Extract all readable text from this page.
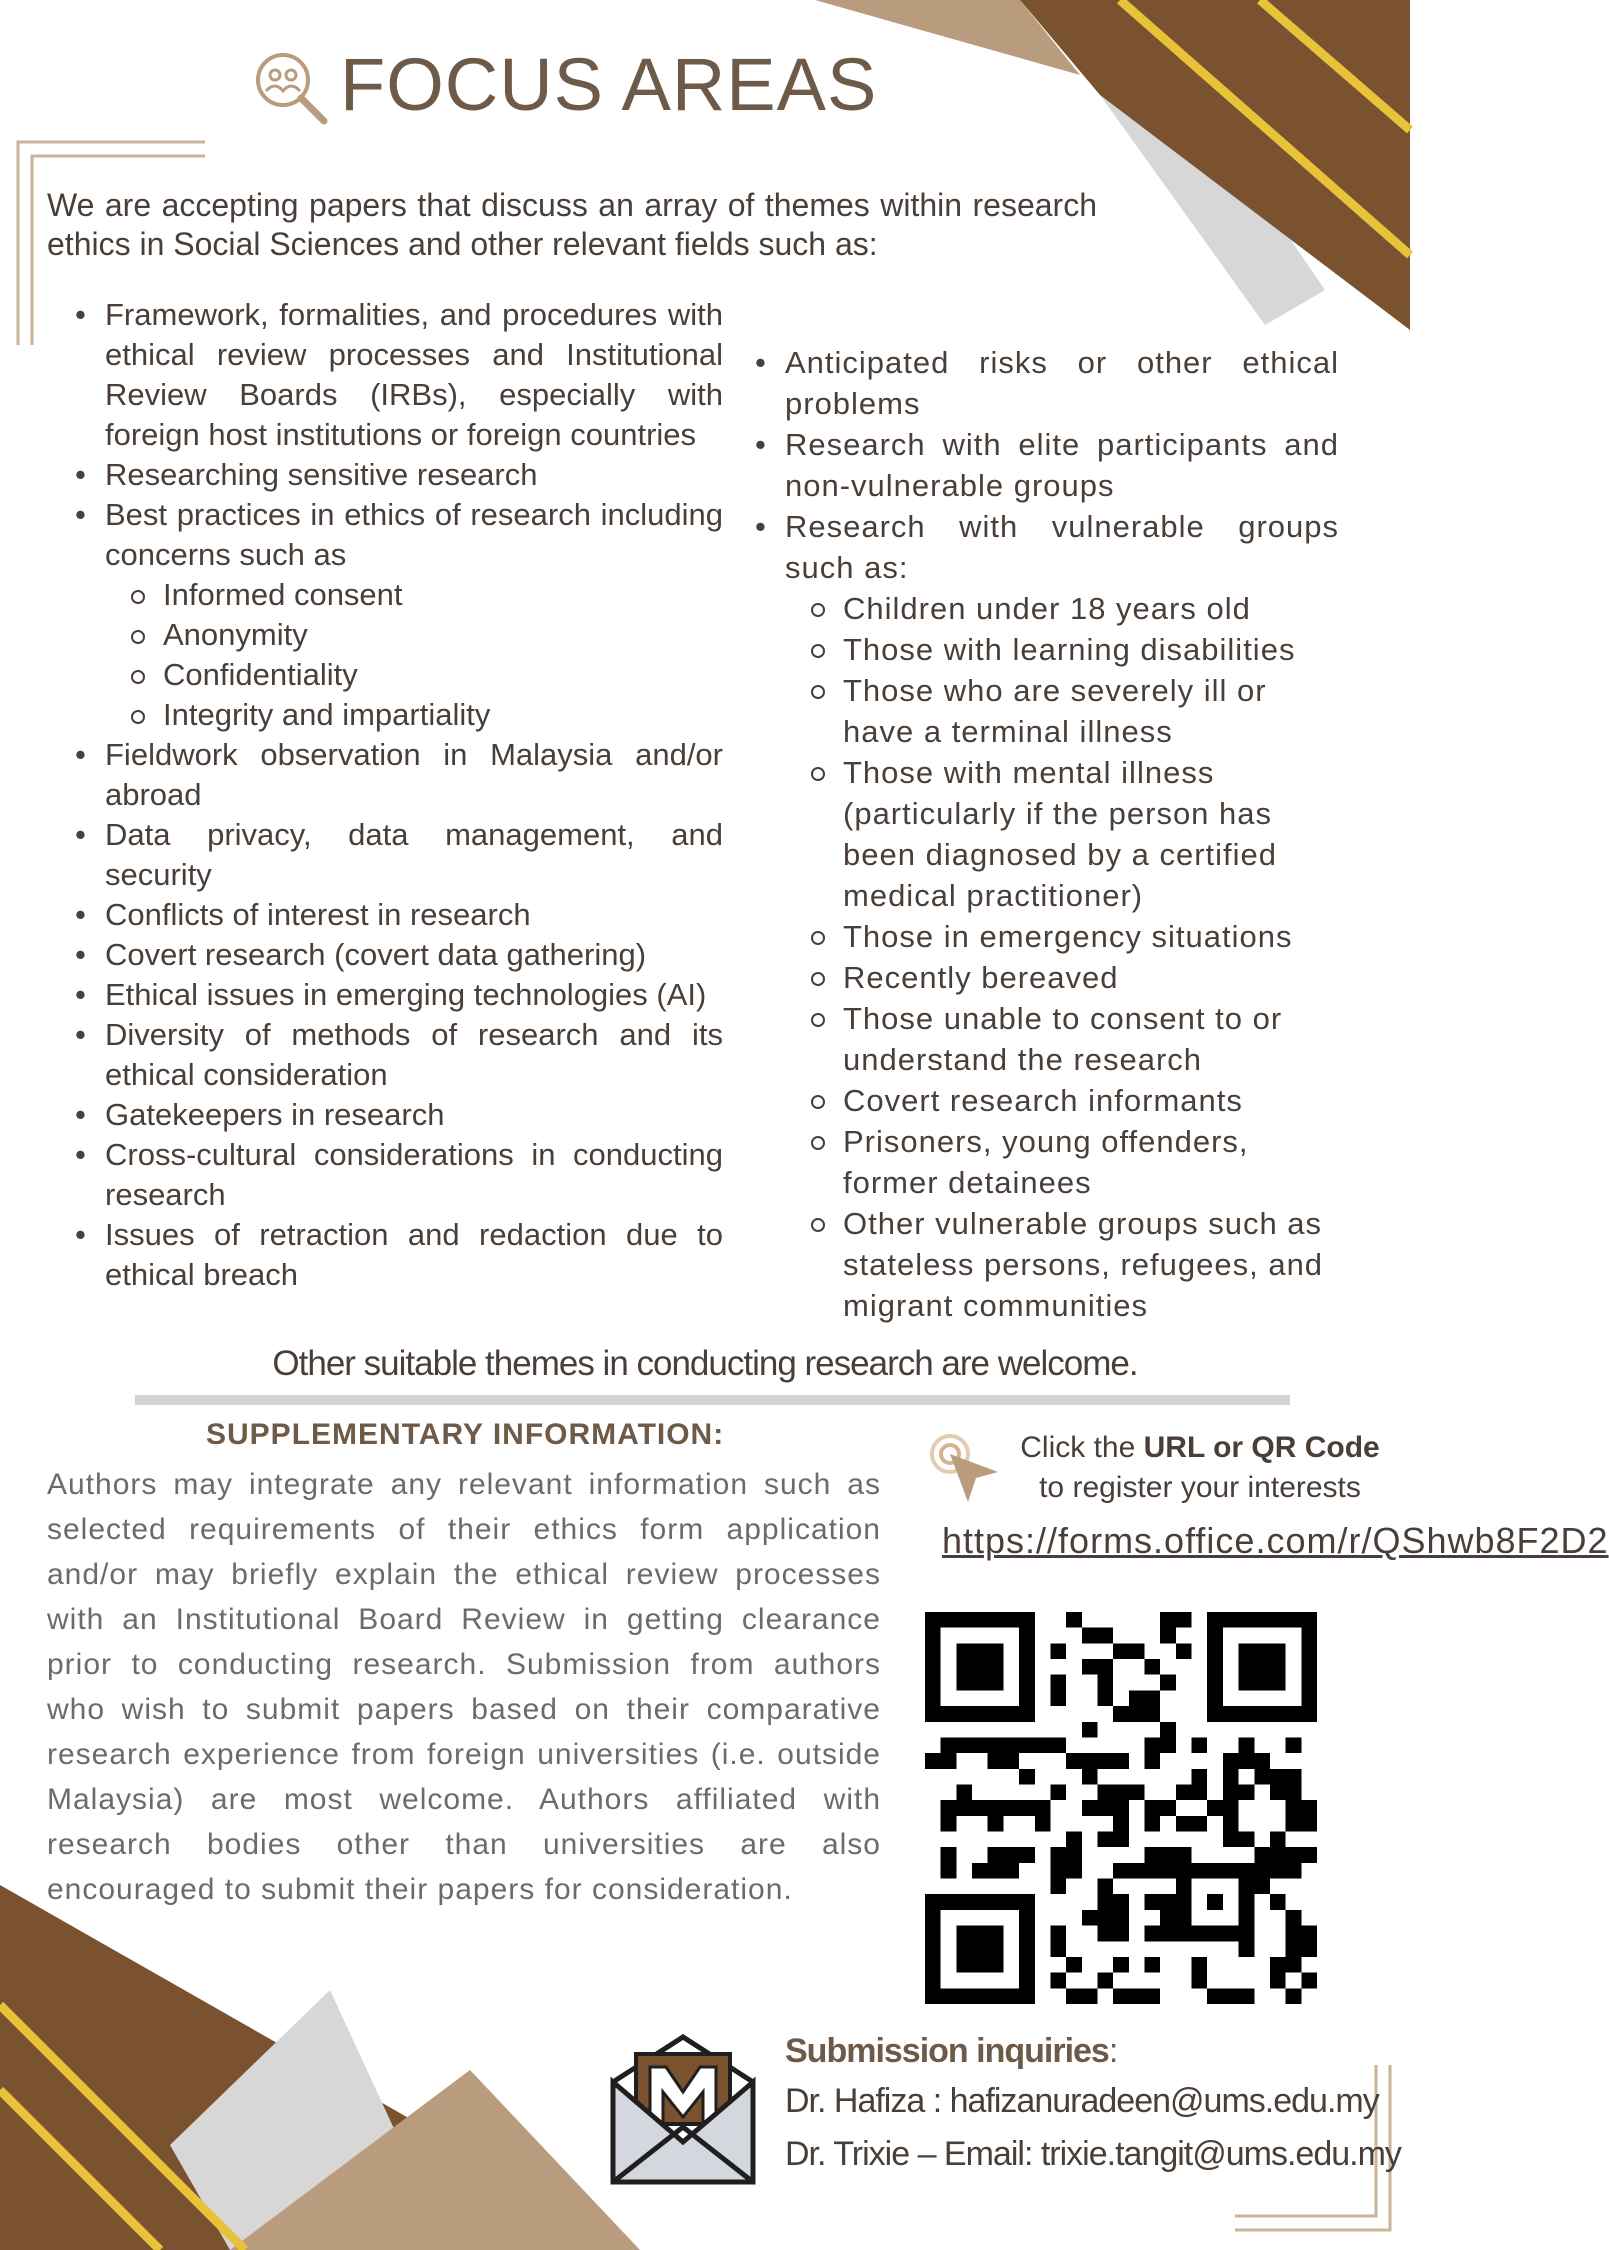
FOCUS AREAS
We are accepting papers that discuss an array of themes within research ethics in Social Sciences and other relevant fields such as:
• Framework, formalities, and procedures with ethical review processes and Institutional Review Boards (IRBs), especially with foreign host institutions or foreign countries
• Researching sensitive research
• Best practices in ethics of research including concerns such as
Informed consent
Anonymity
Confidentiality
Integrity and impartiality
• Fieldwork observation in Malaysia and/or abroad
• Data privacy, data management, and security
• Conflicts of interest in research
• Covert research (covert data gathering)
• Ethical issues in emerging technologies (AI)
• Diversity of methods of research and its ethical consideration
• Gatekeepers in research
• Cross-cultural considerations in conducting research
• Issues of retraction and redaction due to ethical breach
• Anticipated risks or other ethical problems
• Research with elite participants and non-vulnerable groups
• Research with vulnerable groups such as:
Children under 18 years old
Those with learning disabilities
Those who are severely ill or have a terminal illness
Those with mental illness (particularly if the person has been diagnosed by a certified medical practitioner)
Those in emergency situations
Recently bereaved
Those unable to consent to or understand the research
Covert research informants
Prisoners, young offenders, former detainees
Other vulnerable groups such as stateless persons, refugees, and migrant communities
Other suitable themes in conducting research are welcome.
SUPPLEMENTARY INFORMATION:
Authors may integrate any relevant information such as selected requirements of their ethics form application and/or may briefly explain the ethical review processes with an Institutional Board Review in getting clearance prior to conducting research. Submission from authors who wish to submit papers based on their comparative research experience from foreign universities (i.e. outside Malaysia) are most welcome. Authors affiliated with research bodies other than universities are also encouraged to submit their papers for consideration.
Click the URL or QR Code
to register your interests
https://forms.office.com/r/QShwb8F2D2
Submission inquiries:
Dr. Hafiza : hafizanuradeen@ums.edu.my
Dr. Trixie – Email: trixie.tangit@ums.edu.my
